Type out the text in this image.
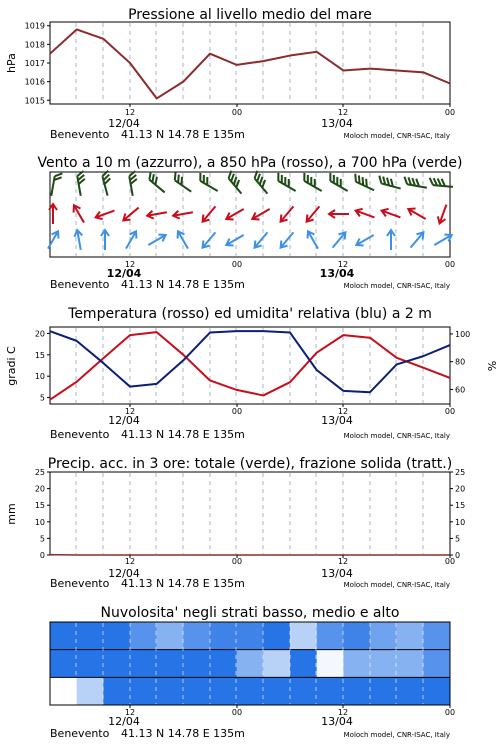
Pressione al livello medio del mare
1015
1016
1017
1018
1019
hPa
12	00	12	00
12/04	13/04
Benevento 41.13 N 14.78 E 135m	Moloch model, CNR-ISAC, Italy
Vento a 10 m (azzurro), a 850 hPa (rosso), a 700 hPa (verde)
12	00	12	00
12/04	13/04
Benevento 41.13 N 14.78 E 135m	Moloch model, CNR-ISAC, Italy
Temperatura (rosso) ed umidita' relativa (blu) a 2 m
5
10
15
20
60
80
100
gradi C	%
12	00	12	00
12/04	13/04
Benevento 41.13 N 14.78 E 135m	Moloch model, CNR-ISAC, Italy
Precip. acc. in 3 ore: totale (verde), frazione solida (tratt.)
0
5
10
15
20
25
0
5
10
15
20
25
mm
12	00	12	00
12/04	13/04
Benevento 41.13 N 14.78 E 135m	Moloch model, CNR-ISAC, Italy
Nuvolosita' negli strati basso, medio e alto
12	00	12	00
12/04	13/04
Benevento 41.13 N 14.78 E 135m	Moloch model, CNR-ISAC, Italy
